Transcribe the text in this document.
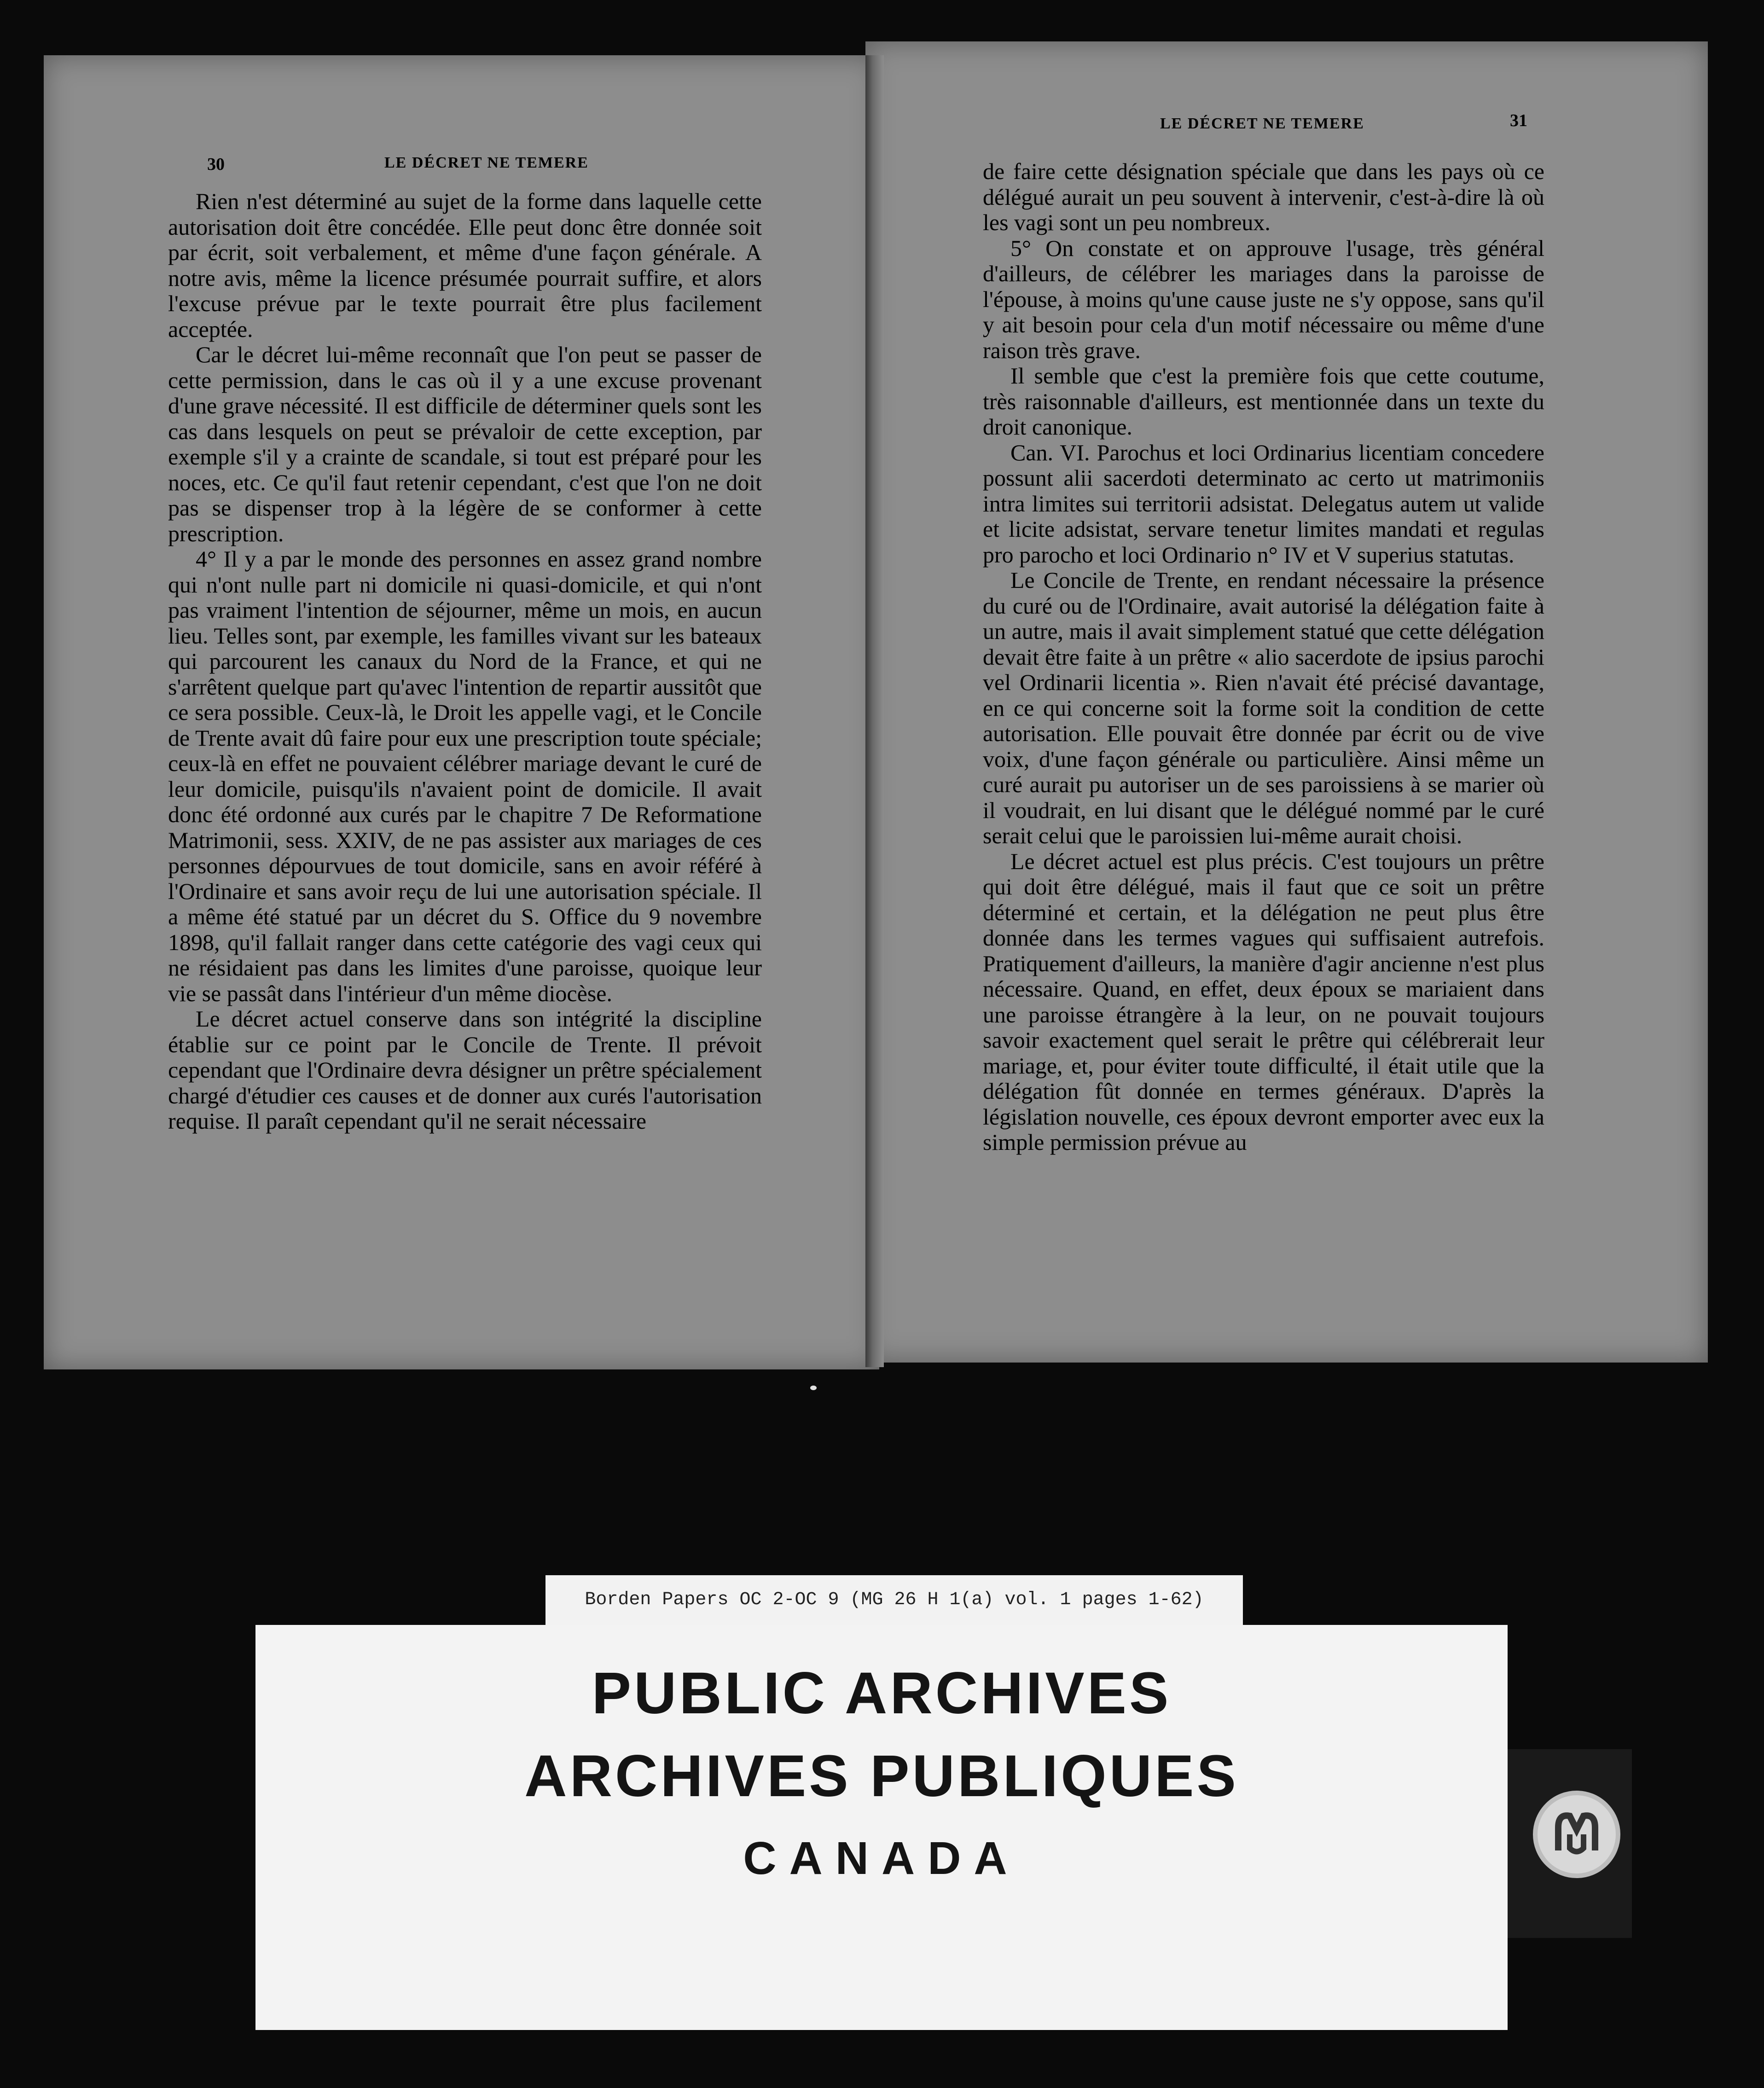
30	LE DÉCRET NE TEMERE
LE DÉCRET NE TEMERE	31

Rien n'est déterminé au sujet de la forme dans laquelle cette autorisation doit être concédée. Elle peut donc être donnée soit par écrit, soit verbalement, et même d'une façon générale. A notre avis, même la licence présumée pourrait suffire, et alors l'excuse prévue par le texte pourrait être plus facilement acceptée.

Car le décret lui-même reconnaît que l'on peut se passer de cette permission, dans le cas où il y a une excuse provenant d'une grave nécessité. Il est difficile de déterminer quels sont les cas dans lesquels on peut se prévaloir de cette exception, par exemple s'il y a crainte de scandale, si tout est préparé pour les noces, etc. Ce qu'il faut retenir cependant, c'est que l'on ne doit pas se dispenser trop à la légère de se conformer à cette prescription.

4° Il y a par le monde des personnes en assez grand nombre qui n'ont nulle part ni domicile ni quasi-domicile, et qui n'ont pas vraiment l'intention de séjourner, même un mois, en aucun lieu. Telles sont, par exemple, les familles vivant sur les bateaux qui parcourent les canaux du Nord de la France, et qui ne s'arrêtent quelque part qu'avec l'intention de repartir aussitôt que ce sera possible. Ceux-là, le Droit les appelle vagi, et le Concile de Trente avait dû faire pour eux une prescription toute spéciale; ceux-là en effet ne pouvaient célébrer mariage devant le curé de leur domicile, puisqu'ils n'avaient point de domicile. Il avait donc été ordonné aux curés par le chapitre 7 De Reformatione Matrimonii, sess. XXIV, de ne pas assister aux mariages de ces personnes dépourvues de tout domicile, sans en avoir référé à l'Ordinaire et sans avoir reçu de lui une autorisation spéciale. Il a même été statué par un décret du S. Office du 9 novembre 1898, qu'il fallait ranger dans cette catégorie des vagi ceux qui ne résidaient pas dans les limites d'une paroisse, quoique leur vie se passât dans l'intérieur d'un même diocèse.

Le décret actuel conserve dans son intégrité la discipline établie sur ce point par le Concile de Trente. Il prévoit cependant que l'Ordinaire devra désigner un prêtre spécialement chargé d'étudier ces causes et de donner aux curés l'autorisation requise. Il paraît cependant qu'il ne serait nécessaire

de faire cette désignation spéciale que dans les pays où ce délégué aurait un peu souvent à intervenir, c'est-à-dire là où les vagi sont un peu nombreux.

5° On constate et on approuve l'usage, très général d'ailleurs, de célébrer les mariages dans la paroisse de l'épouse, à moins qu'une cause juste ne s'y oppose, sans qu'il y ait besoin pour cela d'un motif nécessaire ou même d'une raison très grave.

Il semble que c'est la première fois que cette coutume, très raisonnable d'ailleurs, est mentionnée dans un texte du droit canonique.

Can. VI. Parochus et loci Ordinarius licentiam concedere possunt alii sacerdoti determinato ac certo ut matrimoniis intra limites sui territorii adsistat. Delegatus autem ut valide et licite adsistat, servare tenetur limites mandati et regulas pro parocho et loci Ordinario n° IV et V superius statutas.

Le Concile de Trente, en rendant nécessaire la présence du curé ou de l'Ordinaire, avait autorisé la délégation faite à un autre, mais il avait simplement statué que cette délégation devait être faite à un prêtre « alio sacerdote de ipsius parochi vel Ordinarii licentia ». Rien n'avait été précisé davantage, en ce qui concerne soit la forme soit la condition de cette autorisation. Elle pouvait être donnée par écrit ou de vive voix, d'une façon générale ou particulière. Ainsi même un curé aurait pu autoriser un de ses paroissiens à se marier où il voudrait, en lui disant que le délégué nommé par le curé serait celui que le paroissien lui-même aurait choisi.

Le décret actuel est plus précis. C'est toujours un prêtre qui doit être délégué, mais il faut que ce soit un prêtre déterminé et certain, et la délégation ne peut plus être donnée dans les termes vagues qui suffisaient autrefois. Pratiquement d'ailleurs, la manière d'agir ancienne n'est plus nécessaire. Quand, en effet, deux époux se mariaient dans une paroisse étrangère à la leur, on ne pouvait toujours savoir exactement quel serait le prêtre qui célébrerait leur mariage, et, pour éviter toute difficulté, il était utile que la délégation fût donnée en termes généraux. D'après la législation nouvelle, ces époux devront emporter avec eux la simple permission prévue au

Borden Papers OC 2-OC 9 (MG 26 H 1(a) vol. 1 pages 1-62)
PUBLIC ARCHIVES
ARCHIVES PUBLIQUES
CANADA
